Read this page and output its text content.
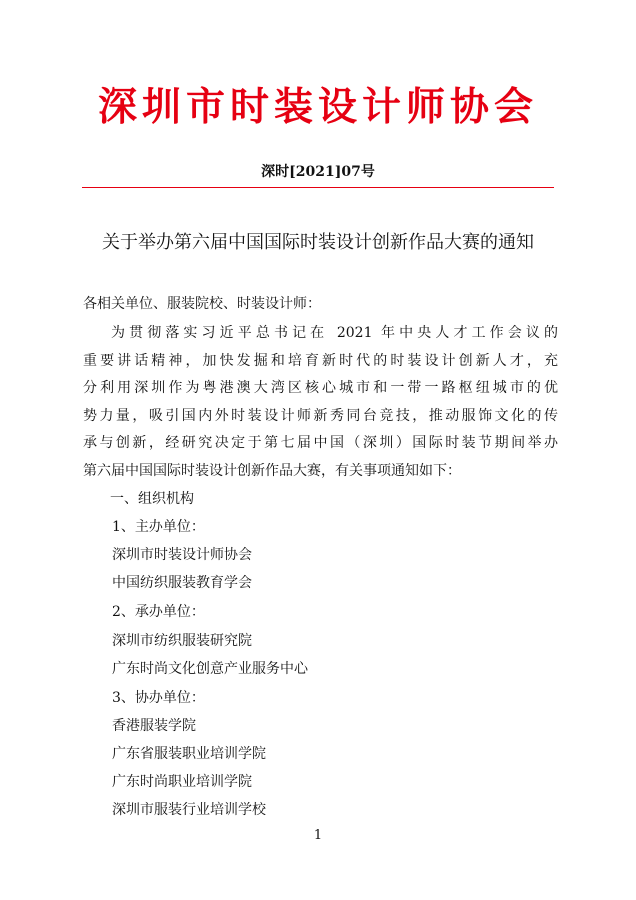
深圳市时装设计师协会
深时[2021]07号
关于举办第六届中国国际时装设计创新作品大赛的通知
各相关单位、服装院校、时装设计师：
为贯彻落实习近平总书记在 2021 年中央人才工作会议的
重要讲话精神，加快发掘和培育新时代的时装设计创新人才，充
分利用深圳作为粤港澳大湾区核心城市和一带一路枢纽城市的优
势力量，吸引国内外时装设计师新秀同台竞技，推动服饰文化的传
承与创新，经研究决定于第七届中国（深圳）国际时装节期间举办
第六届中国国际时装设计创新作品大赛，有关事项通知如下：
一、组织机构
1、主办单位：
深圳市时装设计师协会
中国纺织服装教育学会
2、承办单位：
深圳市纺织服装研究院
广东时尚文化创意产业服务中心
3、协办单位：
香港服装学院
广东省服装职业培训学院
广东时尚职业培训学院
深圳市服装行业培训学校
1
